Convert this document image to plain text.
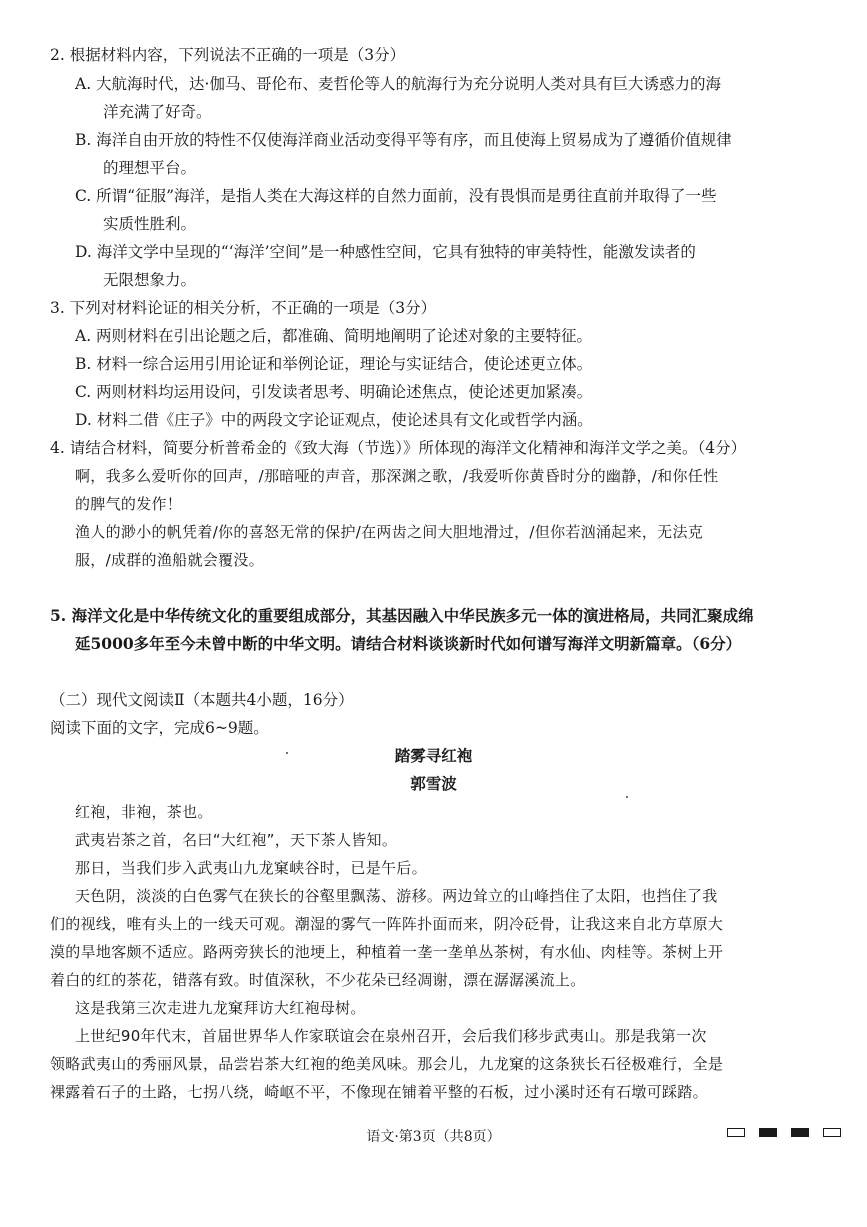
2. 根据材料内容，下列说法不正确的一项是（3分）
A. 大航海时代，达·伽马、哥伦布、麦哲伦等人的航海行为充分说明人类对具有巨大诱惑力的海
洋充满了好奇。
B. 海洋自由开放的特性不仅使海洋商业活动变得平等有序，而且使海上贸易成为了遵循价值规律
的理想平台。
C. 所谓“征服”海洋，是指人类在大海这样的自然力面前，没有畏惧而是勇往直前并取得了一些
实质性胜利。
D. 海洋文学中呈现的“‘海洋’空间”是一种感性空间，它具有独特的审美特性，能激发读者的
无限想象力。
3. 下列对材料论证的相关分析，不正确的一项是（3分）
A. 两则材料在引出论题之后，都准确、简明地阐明了论述对象的主要特征。
B. 材料一综合运用引用论证和举例论证，理论与实证结合，使论述更立体。
C. 两则材料均运用设问，引发读者思考、明确论述焦点，使论述更加紧凑。
D. 材料二借《庄子》中的两段文字论证观点，使论述具有文化或哲学内涵。
4. 请结合材料，简要分析普希金的《致大海（节选）》所体现的海洋文化精神和海洋文学之美。（4分）
啊，我多么爱听你的回声，/那暗哑的声音，那深渊之歌，/我爱听你黄昏时分的幽静，/和你任性
的脾气的发作！
渔人的渺小的帆凭着/你的喜怒无常的保护/在两齿之间大胆地滑过，/但你若汹涌起来，无法克
服，/成群的渔船就会覆没。
5. 海洋文化是中华传统文化的重要组成部分，其基因融入中华民族多元一体的演进格局，共同汇聚成绵
延5000多年至今未曾中断的中华文明。请结合材料谈谈新时代如何谱写海洋文明新篇章。（6分）
（二）现代文阅读Ⅱ（本题共4小题，16分）
阅读下面的文字，完成6~9题。
踏雾寻红袍
郭雪波
红袍，非袍，茶也。
武夷岩茶之首，名曰“大红袍”，天下茶人皆知。
那日，当我们步入武夷山九龙窠峡谷时，已是午后。
天色阴，淡淡的白色雾气在狭长的谷壑里飘荡、游移。两边耸立的山峰挡住了太阳，也挡住了我
们的视线，唯有头上的一线天可观。潮湿的雾气一阵阵扑面而来，阴冷砭骨，让我这来自北方草原大
漠的旱地客颇不适应。路两旁狭长的池埂上，种植着一垄一垄单丛茶树，有水仙、肉桂等。茶树上开
着白的红的茶花，错落有致。时值深秋，不少花朵已经凋谢，漂在潺潺溪流上。
这是我第三次走进九龙窠拜访大红袍母树。
上世纪90年代末，首届世界华人作家联谊会在泉州召开，会后我们移步武夷山。那是我第一次
领略武夷山的秀丽风景，品尝岩茶大红袍的绝美风味。那会儿，九龙窠的这条狭长石径极难行，全是
裸露着石子的土路，七拐八绕，崎岖不平，不像现在铺着平整的石板，过小溪时还有石墩可踩踏。
语文·第3页（共8页）
